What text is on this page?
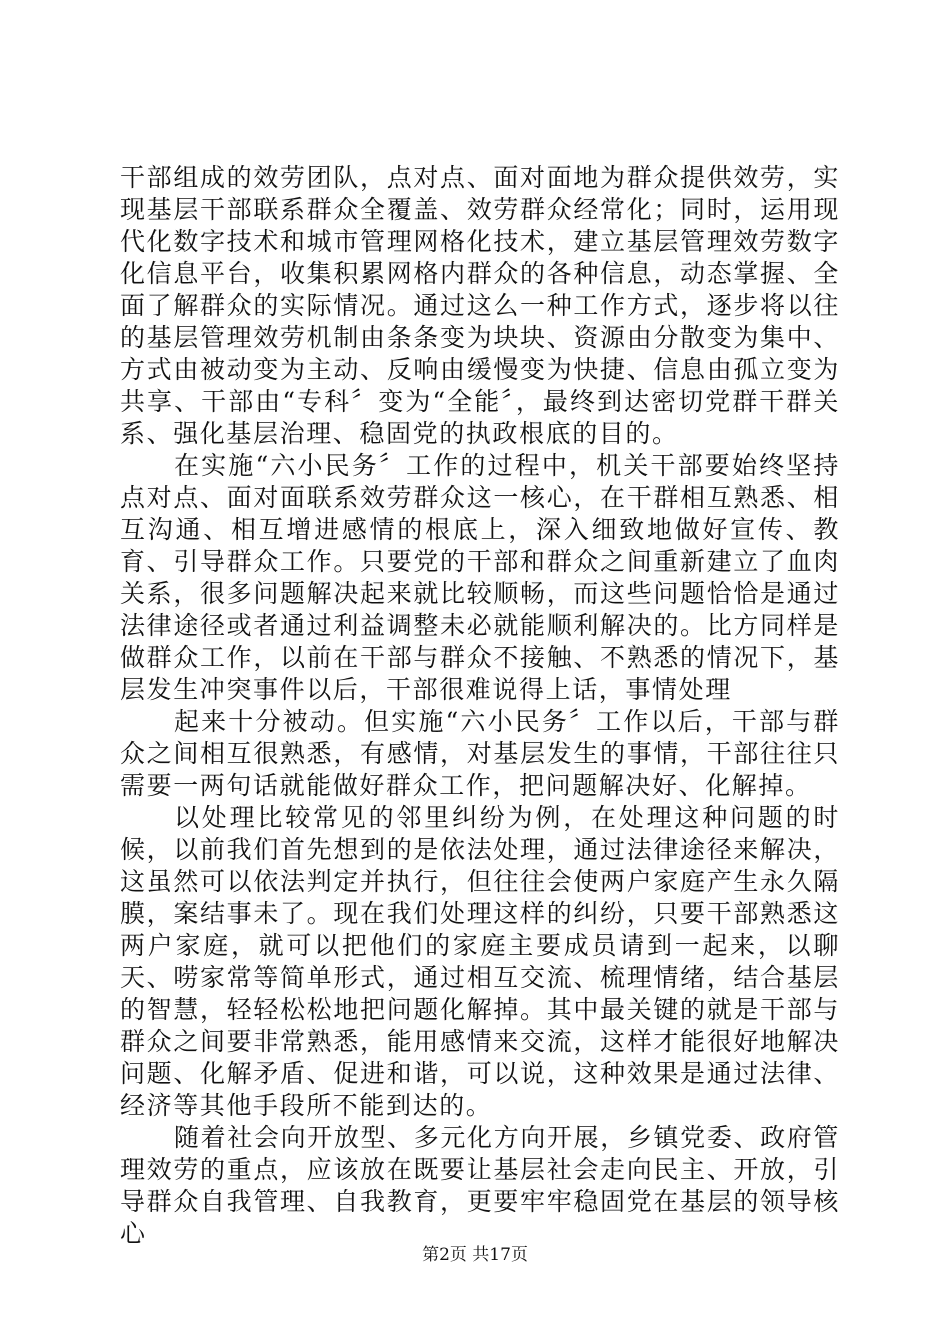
干部组成的效劳团队，点对点、面对面地为群众提供效劳，实现基层干部联系群众全覆盖、效劳群众经常化；同时，运用现代化数字技术和城市管理网格化技术，建立基层管理效劳数字化信息平台，收集积累网格内群众的各种信息，动态掌握、全面了解群众的实际情况。通过这么一种工作方式，逐步将以往的基层管理效劳机制由条条变为块块、资源由分散变为集中、方式由被动变为主动、反响由缓慢变为快捷、信息由孤立变为共享、干部由“专科〞变为“全能〞，最终到达密切党群干群关系、强化基层治理、稳固党的执政根底的目的。

在实施“六小民务〞工作的过程中，机关干部要始终坚持点对点、面对面联系效劳群众这一核心，在干群相互熟悉、相互沟通、相互增进感情的根底上，深入细致地做好宣传、教育、引导群众工作。只要党的干部和群众之间重新建立了血肉关系，很多问题解决起来就比较顺畅，而这些问题恰恰是通过法律途径或者通过利益调整未必就能顺利解决的。比方同样是做群众工作，以前在干部与群众不接触、不熟悉的情况下，基层发生冲突事件以后，干部很难说得上话，事情处理

起来十分被动。但实施“六小民务〞工作以后，干部与群众之间相互很熟悉，有感情，对基层发生的事情，干部往往只需要一两句话就能做好群众工作，把问题解决好、化解掉。

以处理比较常见的邻里纠纷为例，在处理这种问题的时候，以前我们首先想到的是依法处理，通过法律途径来解决，这虽然可以依法判定并执行，但往往会使两户家庭产生永久隔膜，案结事未了。现在我们处理这样的纠纷，只要干部熟悉这两户家庭，就可以把他们的家庭主要成员请到一起来，以聊天、唠家常等简单形式，通过相互交流、梳理情绪，结合基层的智慧，轻轻松松地把问题化解掉。其中最关键的就是干部与群众之间要非常熟悉，能用感情来交流，这样才能很好地解决问题、化解矛盾、促进和谐，可以说，这种效果是通过法律、经济等其他手段所不能到达的。

随着社会向开放型、多元化方向开展，乡镇党委、政府管理效劳的重点，应该放在既要让基层社会走向民主、开放，引导群众自我管理、自我教育，更要牢牢稳固党在基层的领导核心

第2页 共17页
